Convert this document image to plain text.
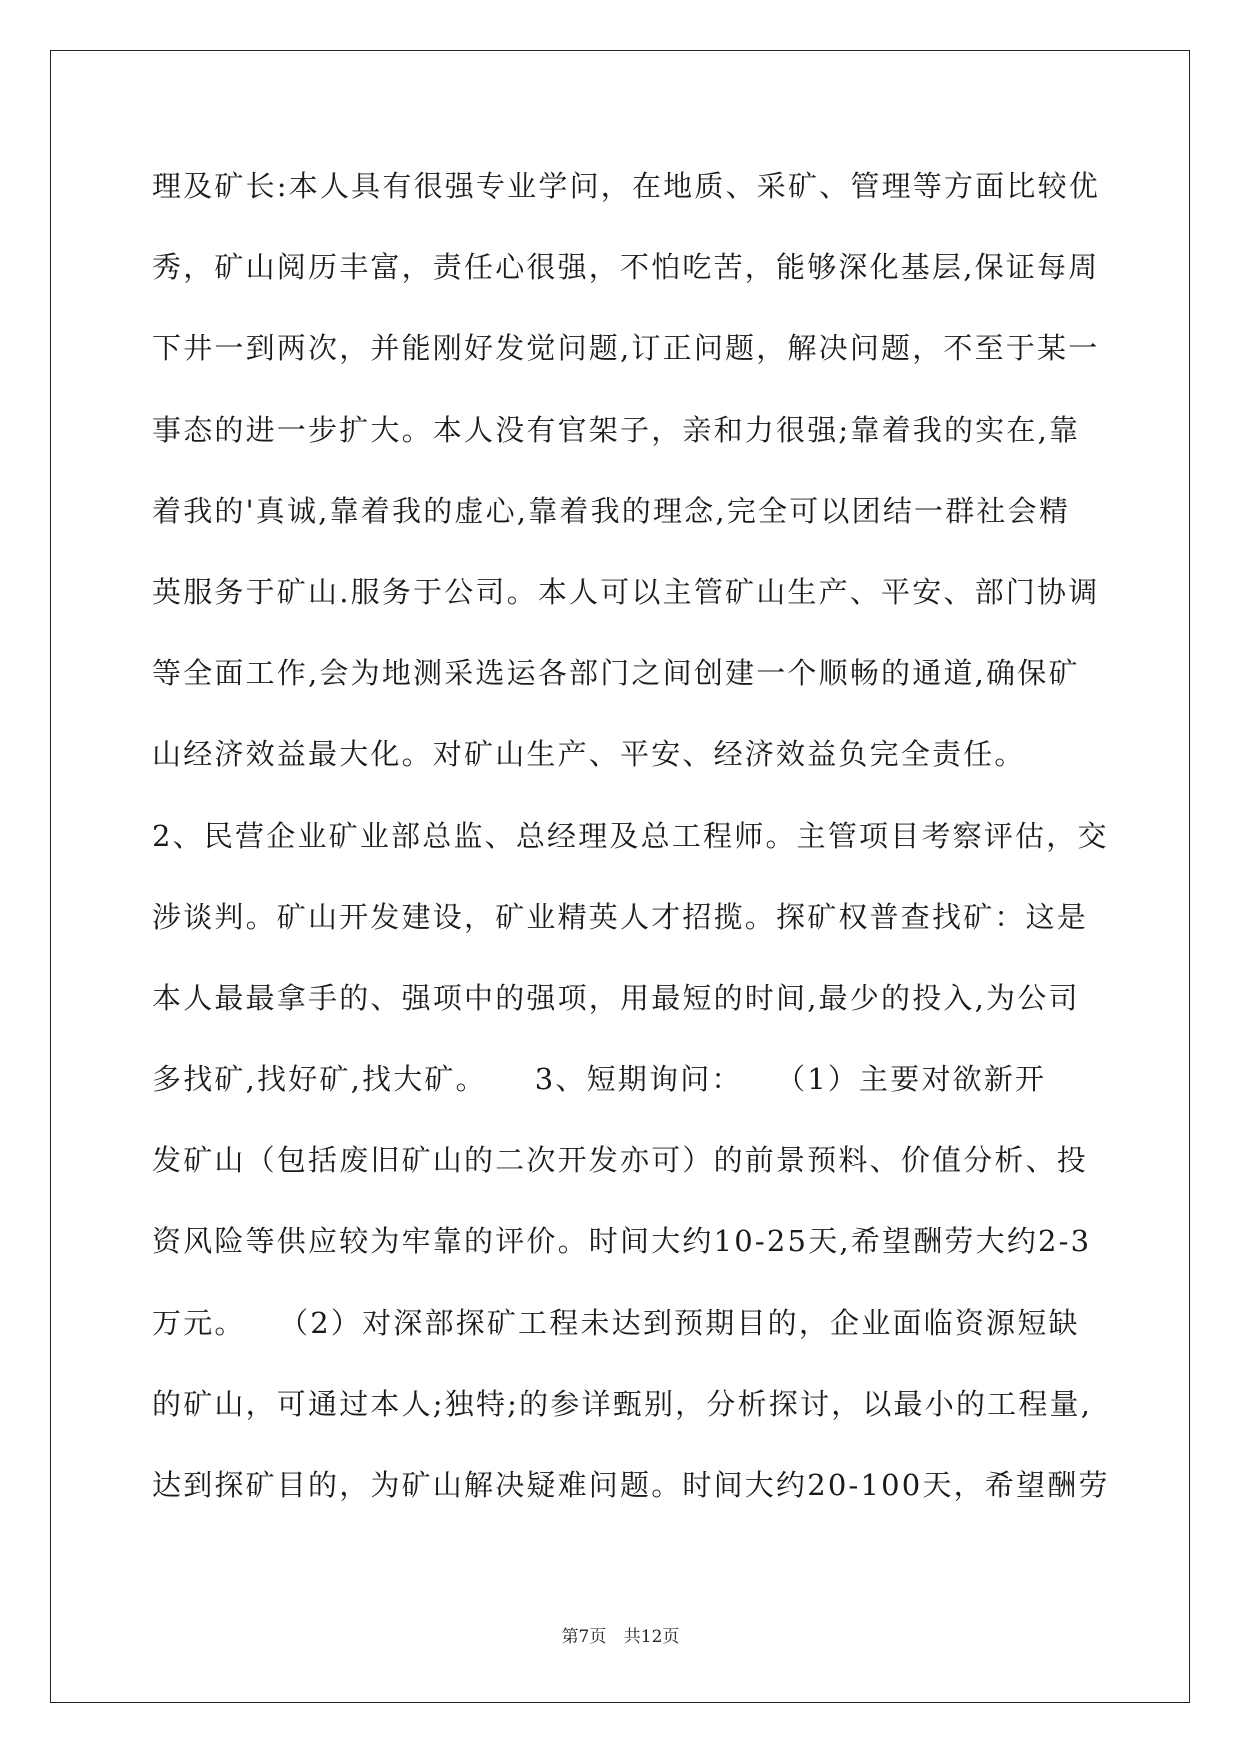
理及矿长:本人具有很强专业学问，在地质、采矿、管理等方面比较优
秀，矿山阅历丰富，责任心很强，不怕吃苦，能够深化基层,保证每周
下井一到两次，并能刚好发觉问题,订正问题，解决问题，不至于某一
事态的进一步扩大。本人没有官架子，亲和力很强;靠着我的实在,靠
着我的'真诚,靠着我的虚心,靠着我的理念,完全可以团结一群社会精
英服务于矿山.服务于公司。本人可以主管矿山生产、平安、部门协调
等全面工作,会为地测采选运各部门之间创建一个顺畅的通道,确保矿
山经济效益最大化。对矿山生产、平安、经济效益负完全责任。
2、民营企业矿业部总监、总经理及总工程师。主管项目考察评估，交
涉谈判。矿山开发建设，矿业精英人才招揽。探矿权普查找矿：这是
本人最最拿手的、强项中的强项，用最短的时间,最少的投入,为公司
多找矿,找好矿,找大矿。　　3、短期询问：　　（1）主要对欲新开
发矿山（包括废旧矿山的二次开发亦可）的前景预料、价值分析、投
资风险等供应较为牢靠的评价。时间大约10-25天,希望酬劳大约2-3
万元。　　（2）对深部探矿工程未达到预期目的，企业面临资源短缺
的矿山，可通过本人;独特;的参详甄别，分析探讨，以最小的工程量,
达到探矿目的，为矿山解决疑难问题。时间大约20-100天，希望酬劳
第7页 共12页
